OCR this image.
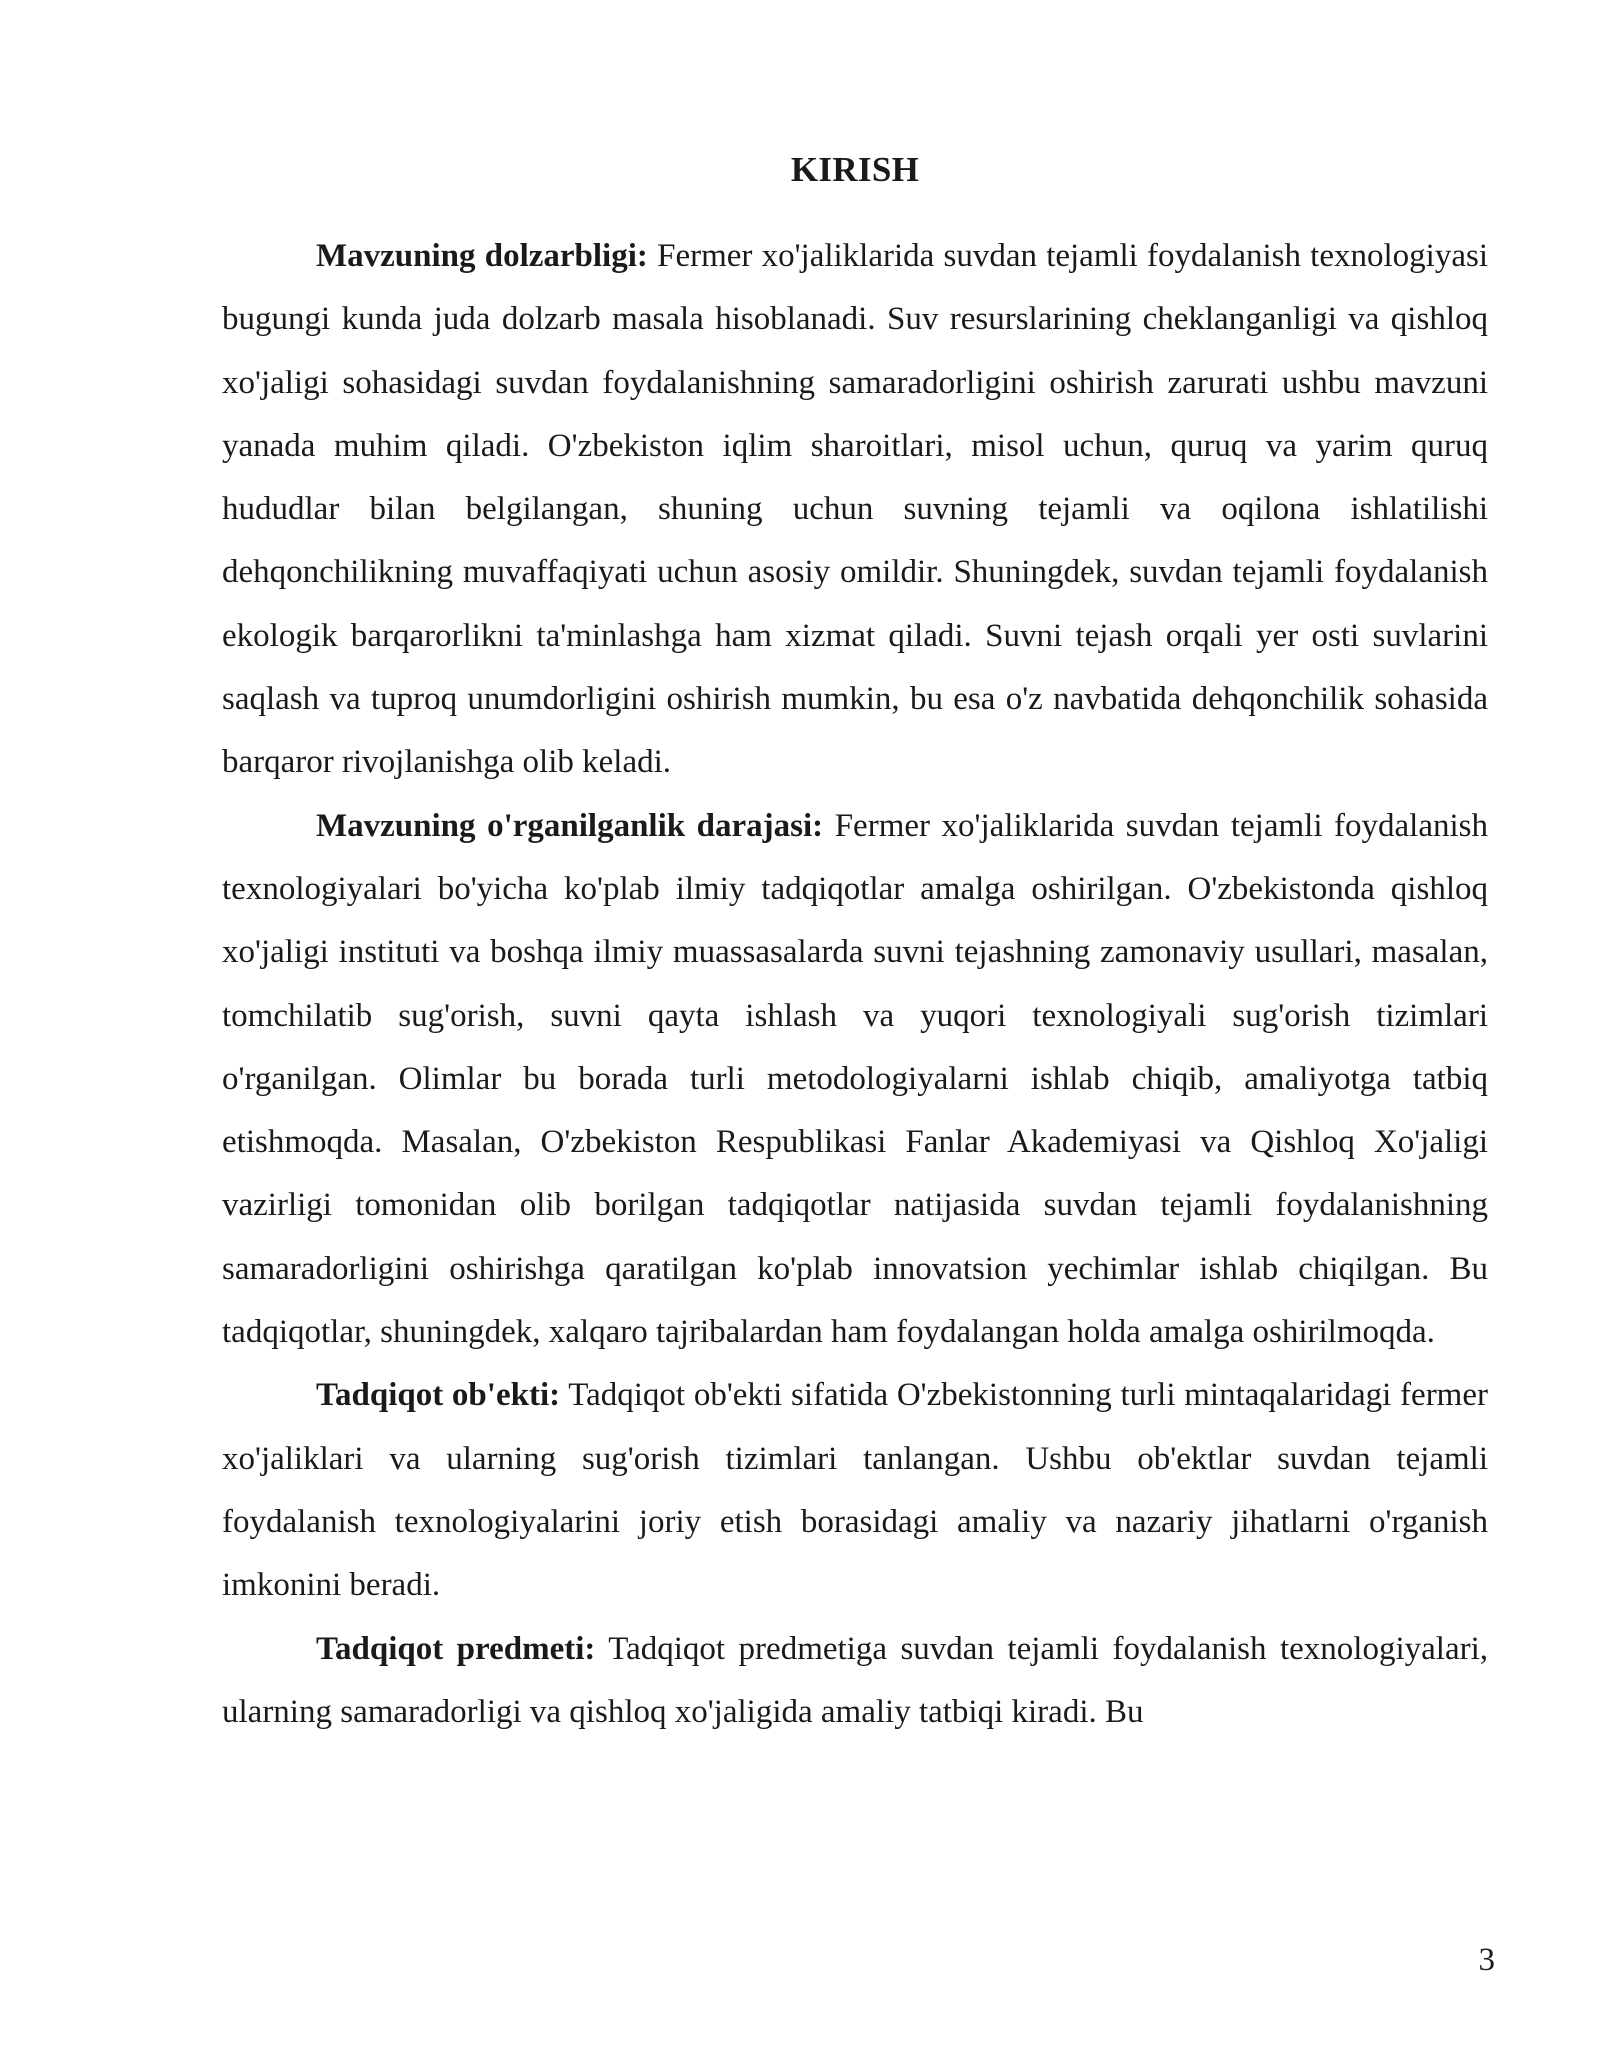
KIRISH

Mavzuning dolzarbligi: Fermer xo'jaliklarida suvdan tejamli foydalanish texnologiyasi bugungi kunda juda dolzarb masala hisoblanadi. Suv resurslarining cheklanganligi va qishloq xo'jaligi sohasidagi suvdan foydalanishning samaradorligini oshirish zarurati ushbu mavzuni yanada muhim qiladi. O'zbekiston iqlim sharoitlari, misol uchun, quruq va yarim quruq hududlar bilan belgilangan, shuning uchun suvning tejamli va oqilona ishlatilishi dehqonchilikning muvaffaqiyati uchun asosiy omildir. Shuningdek, suvdan tejamli foydalanish ekologik barqarorlikni ta'minlashga ham xizmat qiladi. Suvni tejash orqali yer osti suvlarini saqlash va tuproq unumdorligini oshirish mumkin, bu esa o'z navbatida dehqonchilik sohasida barqaror rivojlanishga olib keladi.

Mavzuning o'rganilganlik darajasi: Fermer xo'jaliklarida suvdan tejamli foydalanish texnologiyalari bo'yicha ko'plab ilmiy tadqiqotlar amalga oshirilgan. O'zbekistonda qishloq xo'jaligi instituti va boshqa ilmiy muassasalarda suvni tejashning zamonaviy usullari, masalan, tomchilatib sug'orish, suvni qayta ishlash va yuqori texnologiyali sug'orish tizimlari o'rganilgan. Olimlar bu borada turli metodologiyalarni ishlab chiqib, amaliyotga tatbiq etishmoqda. Masalan, O'zbekiston Respublikasi Fanlar Akademiyasi va Qishloq Xo'jaligi vazirligi tomonidan olib borilgan tadqiqotlar natijasida suvdan tejamli foydalanishning samaradorligini oshirishga qaratilgan ko'plab innovatsion yechimlar ishlab chiqilgan. Bu tadqiqotlar, shuningdek, xalqaro tajribalardan ham foydalangan holda amalga oshirilmoqda.

Tadqiqot ob'ekti: Tadqiqot ob'ekti sifatida O'zbekistonning turli mintaqalaridagi fermer xo'jaliklari va ularning sug'orish tizimlari tanlangan. Ushbu ob'ektlar suvdan tejamli foydalanish texnologiyalarini joriy etish borasidagi amaliy va nazariy jihatlarni o'rganish imkonini beradi.

Tadqiqot predmeti: Tadqiqot predmetiga suvdan tejamli foydalanish texnologiyalari, ularning samaradorligi va qishloq xo'jaligida amaliy tatbiqi kiradi. Bu

3
